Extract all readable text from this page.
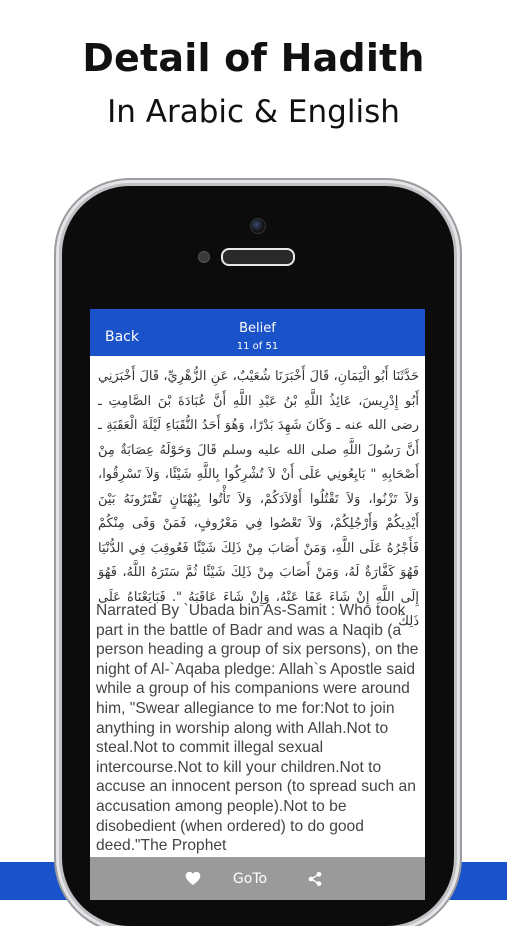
Detail of Hadith
In Arabic & English
Back
Belief
11 of 51
حَدَّثَنَا أَبُو الْيَمَانِ، قَالَ أَخْبَرَنَا شُعَيْبٌ، عَنِ الزُّهْرِيِّ، قَالَ أَخْبَرَنِي أَبُو إِدْرِيسَ، عَائِذُ اللَّهِ بْنُ عَبْدِ اللَّهِ أَنَّ عُبَادَةَ بْنَ الصَّامِتِ ـ رضى الله عنه ـ وَكَانَ شَهِدَ بَدْرًا، وَهُوَ أَحَدُ النُّقَبَاءِ لَيْلَةَ الْعَقَبَةِ ـ أَنَّ رَسُولَ اللَّهِ صلى الله عليه وسلم قَالَ وَحَوْلَهُ عِصَابَةٌ مِنْ أَصْحَابِهِ " بَايِعُونِي عَلَى أَنْ لاَ تُشْرِكُوا بِاللَّهِ شَيْئًا، وَلاَ تَسْرِقُوا، وَلاَ تَزْنُوا، وَلاَ تَقْتُلُوا أَوْلاَدَكُمْ، وَلاَ تَأْتُوا بِبُهْتَانٍ تَفْتَرُونَهُ بَيْنَ أَيْدِيكُمْ وَأَرْجُلِكُمْ، وَلاَ تَعْصُوا فِي مَعْرُوفٍ، فَمَنْ وَفَى مِنْكُمْ فَأَجْرُهُ عَلَى اللَّهِ، وَمَنْ أَصَابَ مِنْ ذَلِكَ شَيْئًا فَعُوقِبَ فِي الدُّنْيَا فَهُوَ كَفَّارَةٌ لَهُ، وَمَنْ أَصَابَ مِنْ ذَلِكَ شَيْئًا ثُمَّ سَتَرَهُ اللَّهُ، فَهُوَ إِلَى اللَّهِ إِنْ شَاءَ عَفَا عَنْهُ، وَإِنْ شَاءَ عَاقَبَهُ ". فَبَايَعْنَاهُ عَلَى ذَلِكَ
Narrated By `Ubada bin As-Samit : Who took part in the battle of Badr and was a Naqib (a person heading a group of six persons), on the night of Al-`Aqaba pledge: Allah`s Apostle said while a group of his companions were around him, "Swear allegiance to me for:Not to join anything in worship along with Allah.Not to steal.Not to commit illegal sexual intercourse.Not to kill your children.Not to accuse an innocent person (to spread such an accusation among people).Not to be disobedient (when ordered) to do good deed."The Prophet
GoTo
